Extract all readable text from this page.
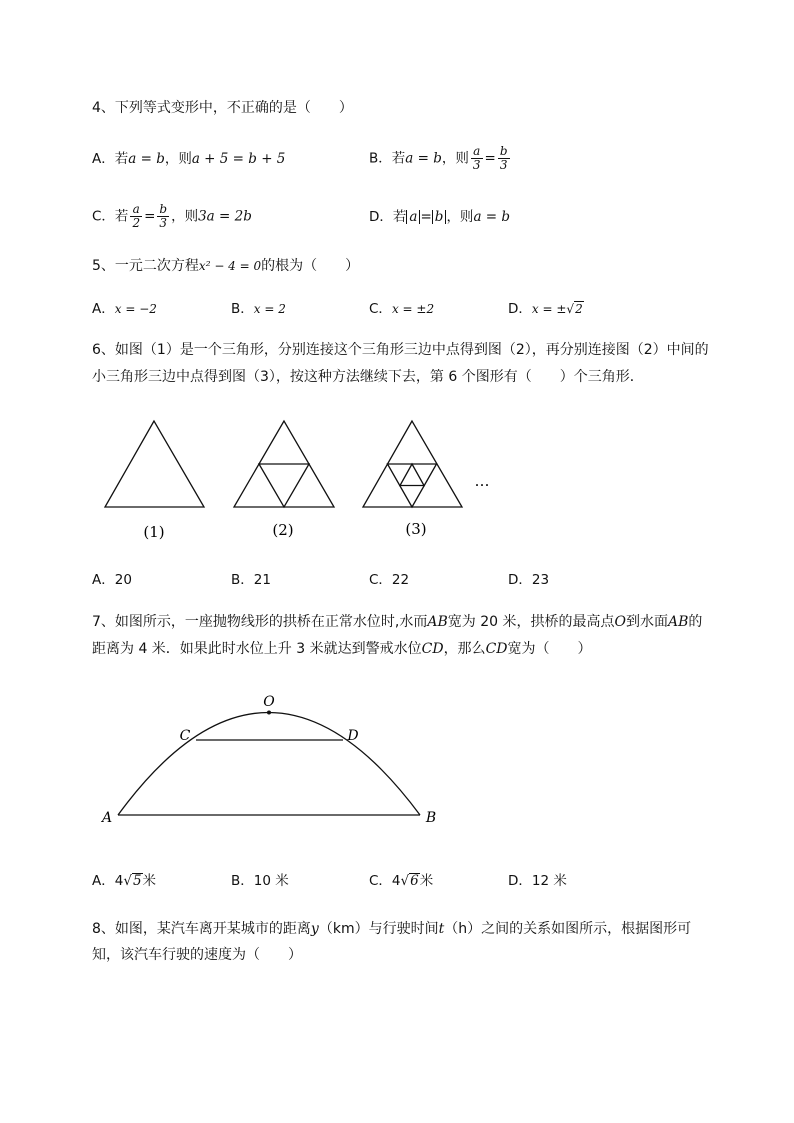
4、下列等式变形中，不正确的是（　　）
A．若a = b，则a + 5 = b + 5	B．若a = b，则 $\frac{a}{3} = \frac{b}{3}$
C．若 $\frac{a}{2} = \frac{b}{3}$ ，则3a = 2b	D．若 a = b ，则a = b
5、一元二次方程x² − 4 = 0的根为（　　）
A．x = −2	B．x = 2	C．x = ±2	D．x = ±√2
6、如图（1）是一个三角形，分别连接这个三角形三边中点得到图（2），再分别连接图（2）中间的
小三角形三边中点得到图（3），按这种方法继续下去，第 6 个图形有（　　）个三角形．
(1)	(2)	(3)
…
A．20	B．21	C．22	D．23
7、如图所示，一座抛物线形的拱桥在正常水位时,水而AB宽为 20 米，拱桥的最高点O到水面AB的
距离为 4 米．如果此时水位上升 3 米就达到警戒水位CD，那么CD宽为（　　）
O
C	D
A	B
A．4√5米	B．10 米	C．4√6米	D．12 米
8、如图，某汽车离开某城市的距离y（km）与行驶时间t（h）之间的关系如图所示，根据图形可
知，该汽车行驶的速度为（　　）
